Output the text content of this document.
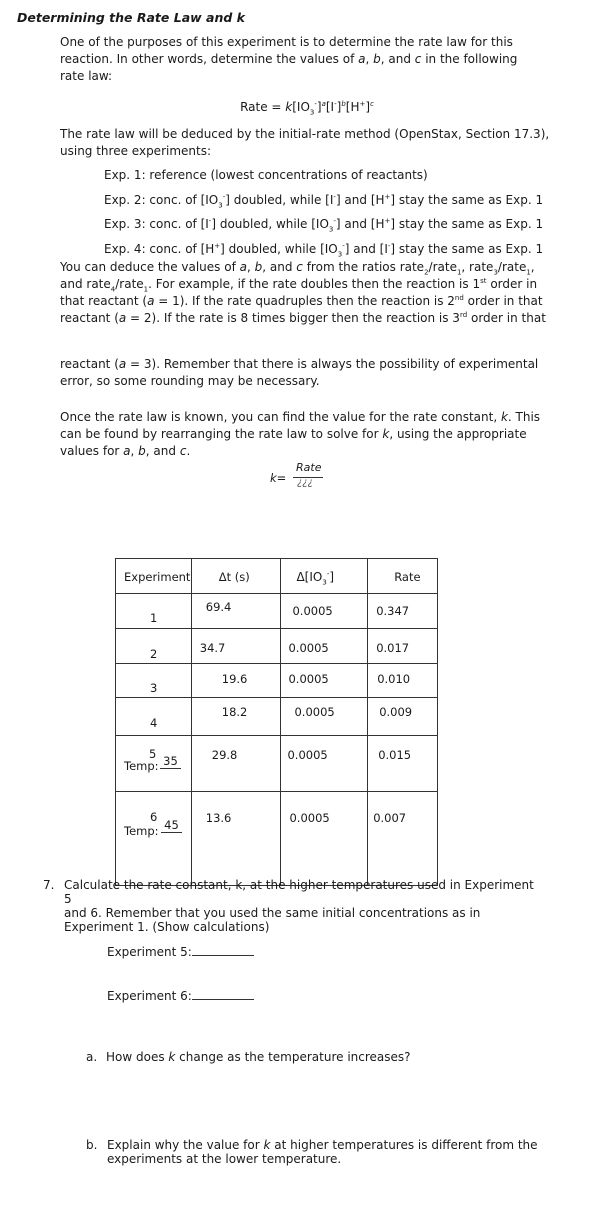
Determining the Rate Law and k
One of the purposes of this experiment is to determine the rate law for this
reaction. In other words, determine the values of a, b, and c in the following
rate law:
Rate = $k[IO_3^-]^a[I^-]^b[H^+]^c$
The rate law will be deduced by the initial-rate method (OpenStax, Section 17.3),
using three experiments:
Exp. 1: reference (lowest concentrations of reactants)
Exp. 2: conc. of $[IO_3^-]$ doubled, while [I-] and [H+] stay the same as Exp. 1
Exp. 3: conc. of [I-] doubled, while $[IO_3^-]$ and [H+] stay the same as Exp. 1
Exp. 4: conc. of [H+] doubled, while $[IO_3^-]$ and [I-] stay the same as Exp. 1
You can deduce the values of a, b, and c from the ratios rate$_2$/rate$_1$, rate$_3$/rate$_1$,
and rate$_4$/rate$_1$. For example, if the rate doubles then the reaction is 1st order in
that reactant (a = 1). If the rate quadruples then the reaction is 2nd order in that
reactant (a = 2). If the rate is 8 times bigger then the reaction is 3rd order in that
reactant (a = 3). Remember that there is always the possibility of experimental
error, so some rounding may be necessary.
Once the rate law is known, you can find the value for the rate constant, k. This
can be found by rearranging the rate law to solve for k, using the appropriate
values for a, b, and c.
k=
Rate
¿¿¿
Experiment	Δt (s)	$\Delta[IO_3^-]$	Rate

1	69.4	0.0005	0.347

2	34.7	0.0005	0.017

3	19.6	0.0005	0.010

4	18.2	0.0005	0.009

5
Temp: 35	29.8	0.0005	0.015

6
Temp: 45	13.6	0.0005	0.007
7. Calculate the rate constant, k, at the higher temperatures used in Experiment 5
and 6. Remember that you used the same initial concentrations as in
Experiment 1. (Show calculations)
Experiment 5:
Experiment 6:
a. How does k change as the temperature increases?
b. Explain why the value for k at higher temperatures is different from the
experiments at the lower temperature.
